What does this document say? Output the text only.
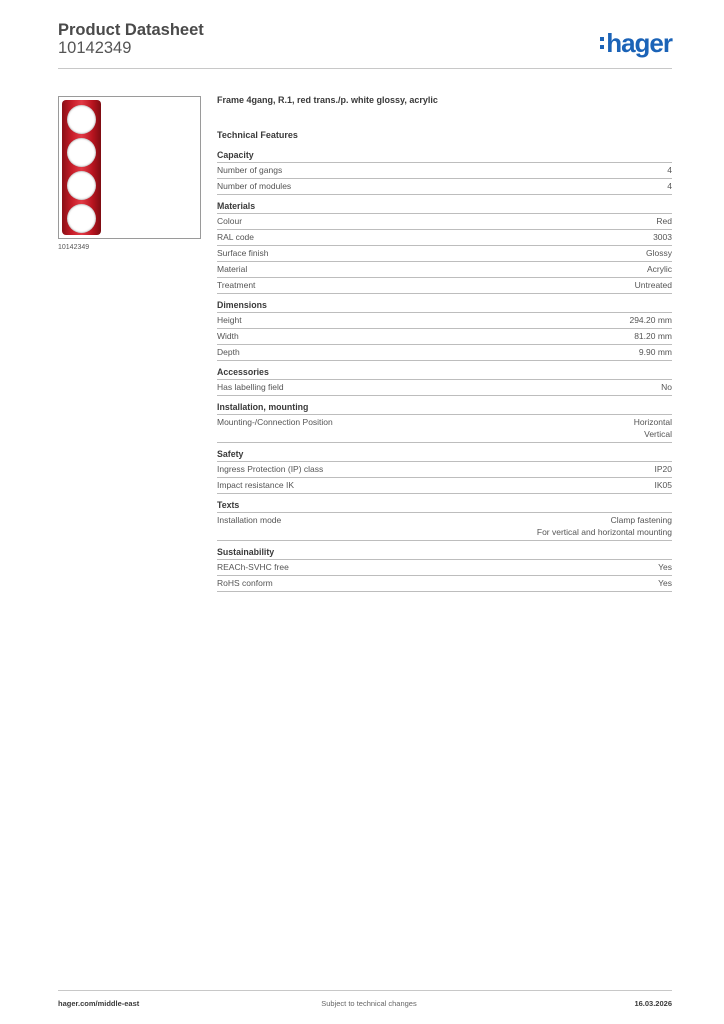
Product Datasheet
10142349	hager
10142349
Frame 4gang, R.1, red trans./p. white glossy, acrylic
Technical Features
Capacity
Number of gangs	4
Number of modules	4
Materials
Colour	Red
RAL code	3003
Surface finish	Glossy
Material	Acrylic
Treatment	Untreated
Dimensions
Height	294.20 mm
Width	81.20 mm
Depth	9.90 mm
Accessories
Has labelling field	No
Installation, mounting
Mounting-/Connection Position	Horizontal
Vertical
Safety
Ingress Protection (IP) class	IP20
Impact resistance IK	IK05
Texts
Installation mode	Clamp fastening
For vertical and horizontal mounting
Sustainability
REACh-SVHC free	Yes
RoHS conform	Yes
hager.com/middle-east	Subject to technical changes	16.03.2026
